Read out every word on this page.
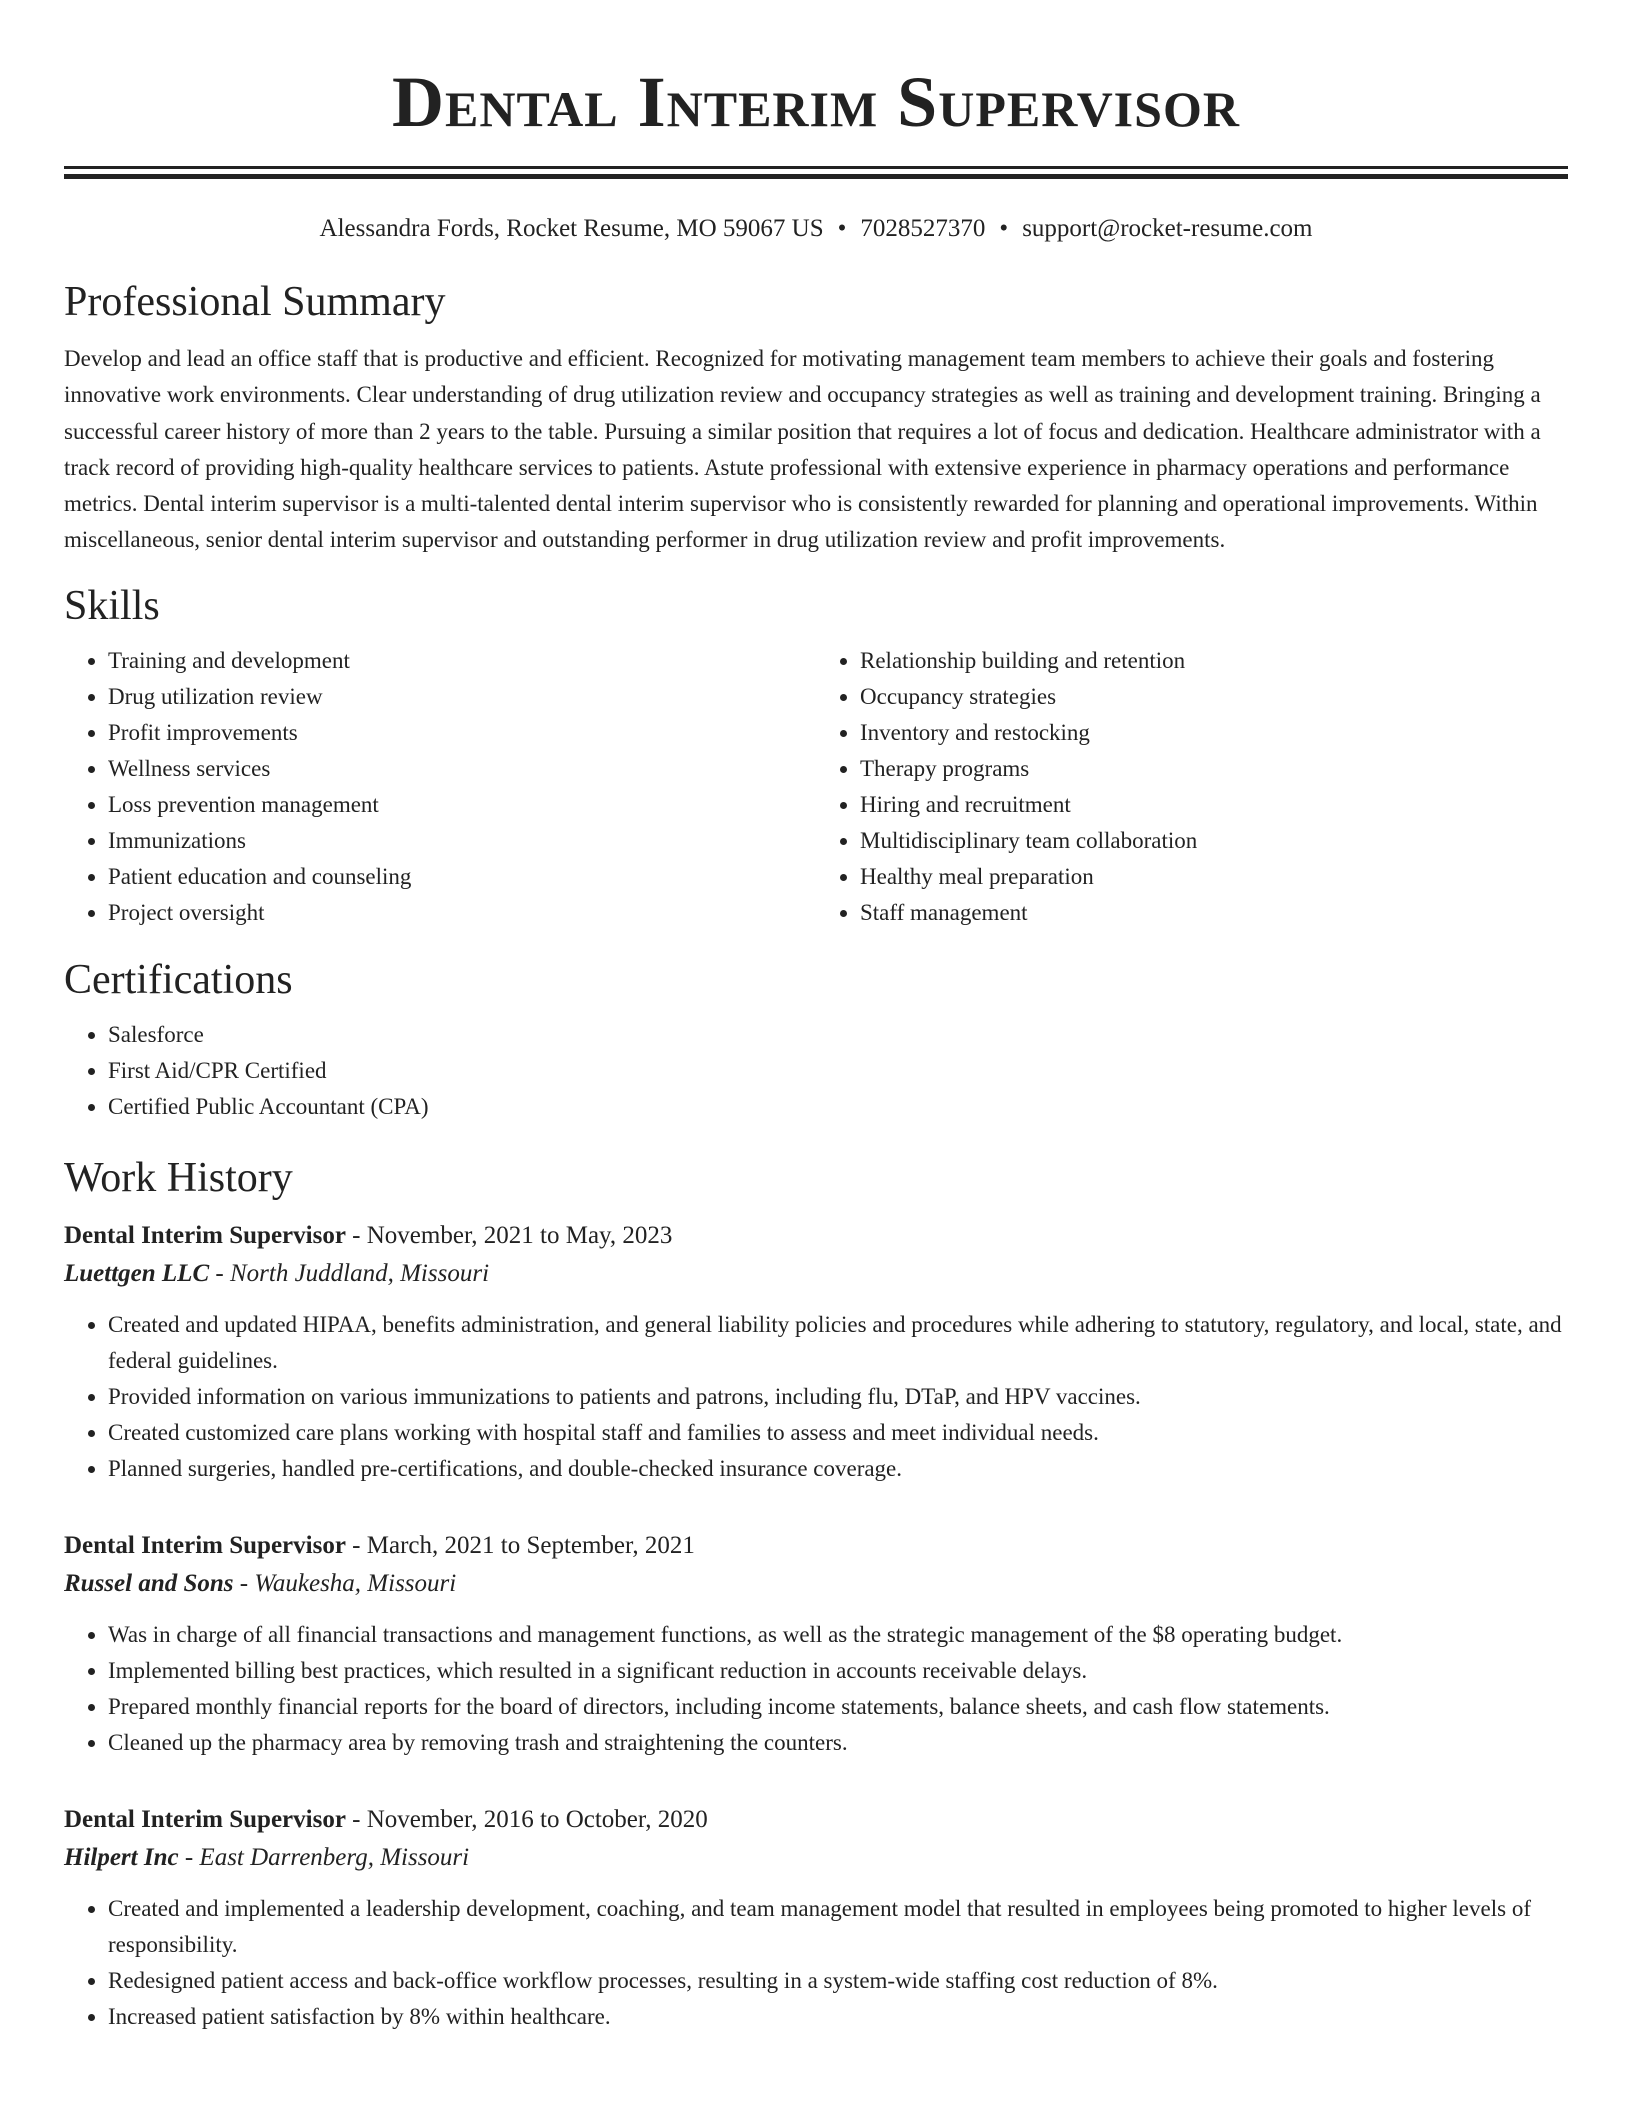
Dental Interim Supervisor
Alessandra Fords, Rocket Resume, MO 59067 US • 7028527370 • support@rocket-resume.com
Professional Summary
Develop and lead an office staff that is productive and efficient. Recognized for motivating management team members to achieve their goals and fostering innovative work environments. Clear understanding of drug utilization review and occupancy strategies as well as training and development training. Bringing a successful career history of more than 2 years to the table. Pursuing a similar position that requires a lot of focus and dedication. Healthcare administrator with a track record of providing high-quality healthcare services to patients. Astute professional with extensive experience in pharmacy operations and performance metrics. Dental interim supervisor is a multi-talented dental interim supervisor who is consistently rewarded for planning and operational improvements. Within miscellaneous, senior dental interim supervisor and outstanding performer in drug utilization review and profit improvements.
Skills
• Training and development
• Drug utilization review
• Profit improvements
• Wellness services
• Loss prevention management
• Immunizations
• Patient education and counseling
• Project oversight
• Relationship building and retention
• Occupancy strategies
• Inventory and restocking
• Therapy programs
• Hiring and recruitment
• Multidisciplinary team collaboration
• Healthy meal preparation
• Staff management
Certifications
• Salesforce
• First Aid/CPR Certified
• Certified Public Accountant (CPA)
Work History
Dental Interim Supervisor - November, 2021 to May, 2023
Luettgen LLC - North Juddland, Missouri
• Created and updated HIPAA, benefits administration, and general liability policies and procedures while adhering to statutory, regulatory, and local, state, and federal guidelines.
• Provided information on various immunizations to patients and patrons, including flu, DTaP, and HPV vaccines.
• Created customized care plans working with hospital staff and families to assess and meet individual needs.
• Planned surgeries, handled pre-certifications, and double-checked insurance coverage.
Dental Interim Supervisor - March, 2021 to September, 2021
Russel and Sons - Waukesha, Missouri
• Was in charge of all financial transactions and management functions, as well as the strategic management of the $8 operating budget.
• Implemented billing best practices, which resulted in a significant reduction in accounts receivable delays.
• Prepared monthly financial reports for the board of directors, including income statements, balance sheets, and cash flow statements.
• Cleaned up the pharmacy area by removing trash and straightening the counters.
Dental Interim Supervisor - November, 2016 to October, 2020
Hilpert Inc - East Darrenberg, Missouri
• Created and implemented a leadership development, coaching, and team management model that resulted in employees being promoted to higher levels of responsibility.
• Redesigned patient access and back-office workflow processes, resulting in a system-wide staffing cost reduction of 8%.
• Increased patient satisfaction by 8% within healthcare.
